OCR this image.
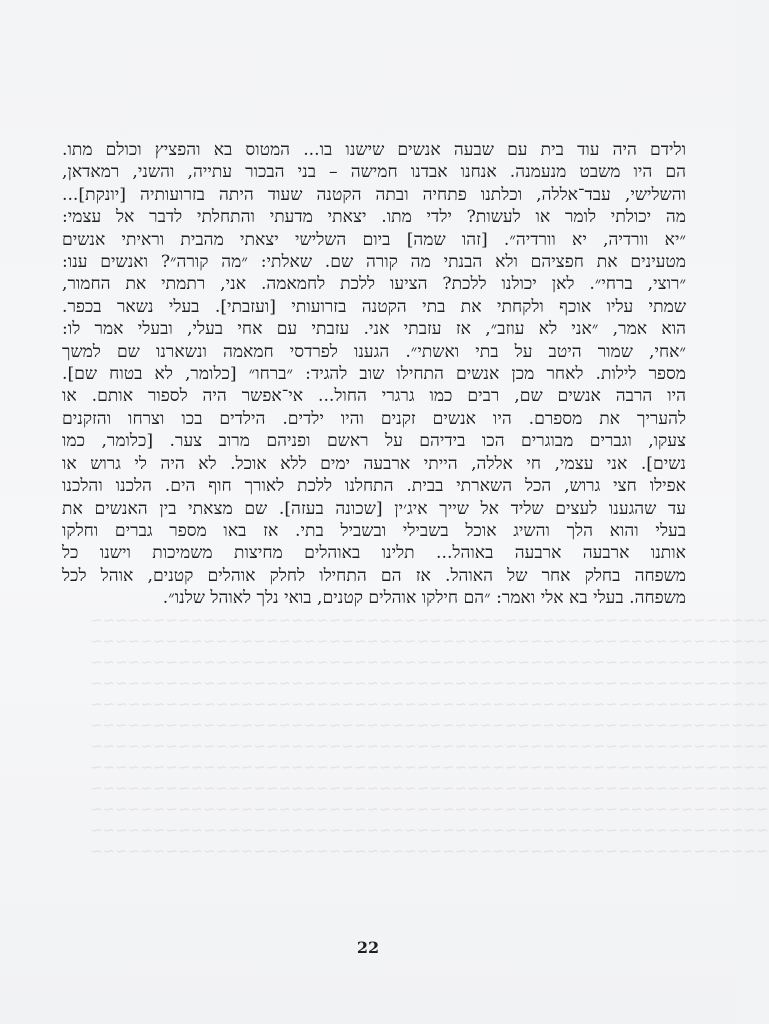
~~~~~~~~~~~~~~~~~~~~~~~~~~~~~~~~~~~~~~~~~~~~~~~~~~~~~~
~~~~~~~~~~~~~~~~~~~~~~~~~~~~~~~~~~~~~~~~~~~~~~~~~~~~~~
~~~~~~~~~~~~~~~~~~~~~~~~~~~~~~~~~~~~~~~~~~~~~~~~~~~~~~
~~~~~~~~~~~~~~~~~~~~~~~~~~~~~~~~~~~~~~~~~~~~~~~~~~~~~~
~~~~~~~~~~~~~~~~~~~~~~~~~~~~~~~~~~~~~~~~~~~~~~~~~~~~~~
~~~~~~~~~~~~~~~~~~~~~~~~~~~~~~~~~~~~~~~~~~~~~~~~~~~~~~
~~~~~~~~~~~~~~~~~~~~~~~~~~~~~~~~~~~~~~~~~~~~~~~~~~~~~~
~~~~~~~~~~~~~~~~~~~~~~~~~~~~~~~~~~~~~~~~~~~~~~~~~~~~~~
~~~~~~~~~~~~~~~~~~~~~~~~~~~~~~~~~~~~~~~~~~~~~~~~~~~~~~
~~~~~~~~~~~~~~~~~~~~~~~~~~~~~~~~~~~~~~~~~~~~~~~~~~~~~~
~~~~~~~~~~~~~~~~~~~~~~~~~~~~~~~~~~~~~~~~~~~~~~~~~~~~~~
~~~~~~~~~~~~~~~~~~~~~~~~~~~~~~~~~~~~~~~~~~~~~~~~~~~~~~
ולידם היה עוד בית עם שבעה אנשים שישנו בו... המטוס בא והפציץ וכולם מתו.
הם היו משבט מנעמנה. אנחנו אבדנו חמישה – בני הבכור עתייה, והשני, רמאדאן,
והשלישי, עבד־אללה, וכלתנו פתחיה ובתה הקטנה שעוד היתה בזרועותיה [יונקת]...
מה יכולתי לומר או לעשות? ילדי מתו. יצאתי מדעתי והתחלתי לדבר אל עצמי:
״יא וורדיה, יא וורדיה״. [זהו שמה] ביום השלישי יצאתי מהבית וראיתי אנשים
מטעינים את חפציהם ולא הבנתי מה קורה שם. שאלתי: ״מה קורה״? ואנשים ענו:
״רוצי, ברחי״. לאן יכולנו ללכת? הציעו ללכת לחמאמה. אני, רתמתי את החמור,
שמתי עליו אוכף ולקחתי את בתי הקטנה בזרועותי [ועזבתי]. בעלי נשאר בכפר.
הוא אמר, ״אני לא עוזב״, אז עזבתי אני. עזבתי עם אחי בעלי, ובעלי אמר לו:
״אחי, שמור היטב על בתי ואשתי״. הגענו לפרדסי חמאמה ונשארנו שם למשך
מספר לילות. לאחר מכן אנשים התחילו שוב להגיד: ״ברחו״ [כלומר, לא בטוח שם].
היו הרבה אנשים שם, רבים כמו גרגרי החול... אי־אפשר היה לספור אותם. או
להעריך את מספרם. היו אנשים זקנים והיו ילדים. הילדים בכו וצרחו והזקנים
צעקו, וגברים מבוגרים הכו בידיהם על ראשם ופניהם מרוב צער. [כלומר, כמו
נשים]. אני עצמי, חי אללה, הייתי ארבעה ימים ללא אוכל. לא היה לי גרוש או
אפילו חצי גרוש, הכל השארתי בבית. התחלנו ללכת לאורך חוף הים. הלכנו והלכנו
עד שהגענו לעצים שליד אל שייך איג׳ין [שכונה בעזה]. שם מצאתי בין האנשים את
בעלי והוא הלך והשיג אוכל בשבילי ובשביל בתי. אז באו מספר גברים וחלקו
אותנו ארבעה ארבעה באוהל... תלינו באוהלים מחיצות משמיכות וישנו כל
משפחה בחלק אחר של האוהל. אז הם התחילו לחלק אוהלים קטנים, אוהל לכל
משפחה. בעלי בא אלי ואמר: ״הם חילקו אוהלים קטנים, בואי נלך לאוהל שלנו״.
22
